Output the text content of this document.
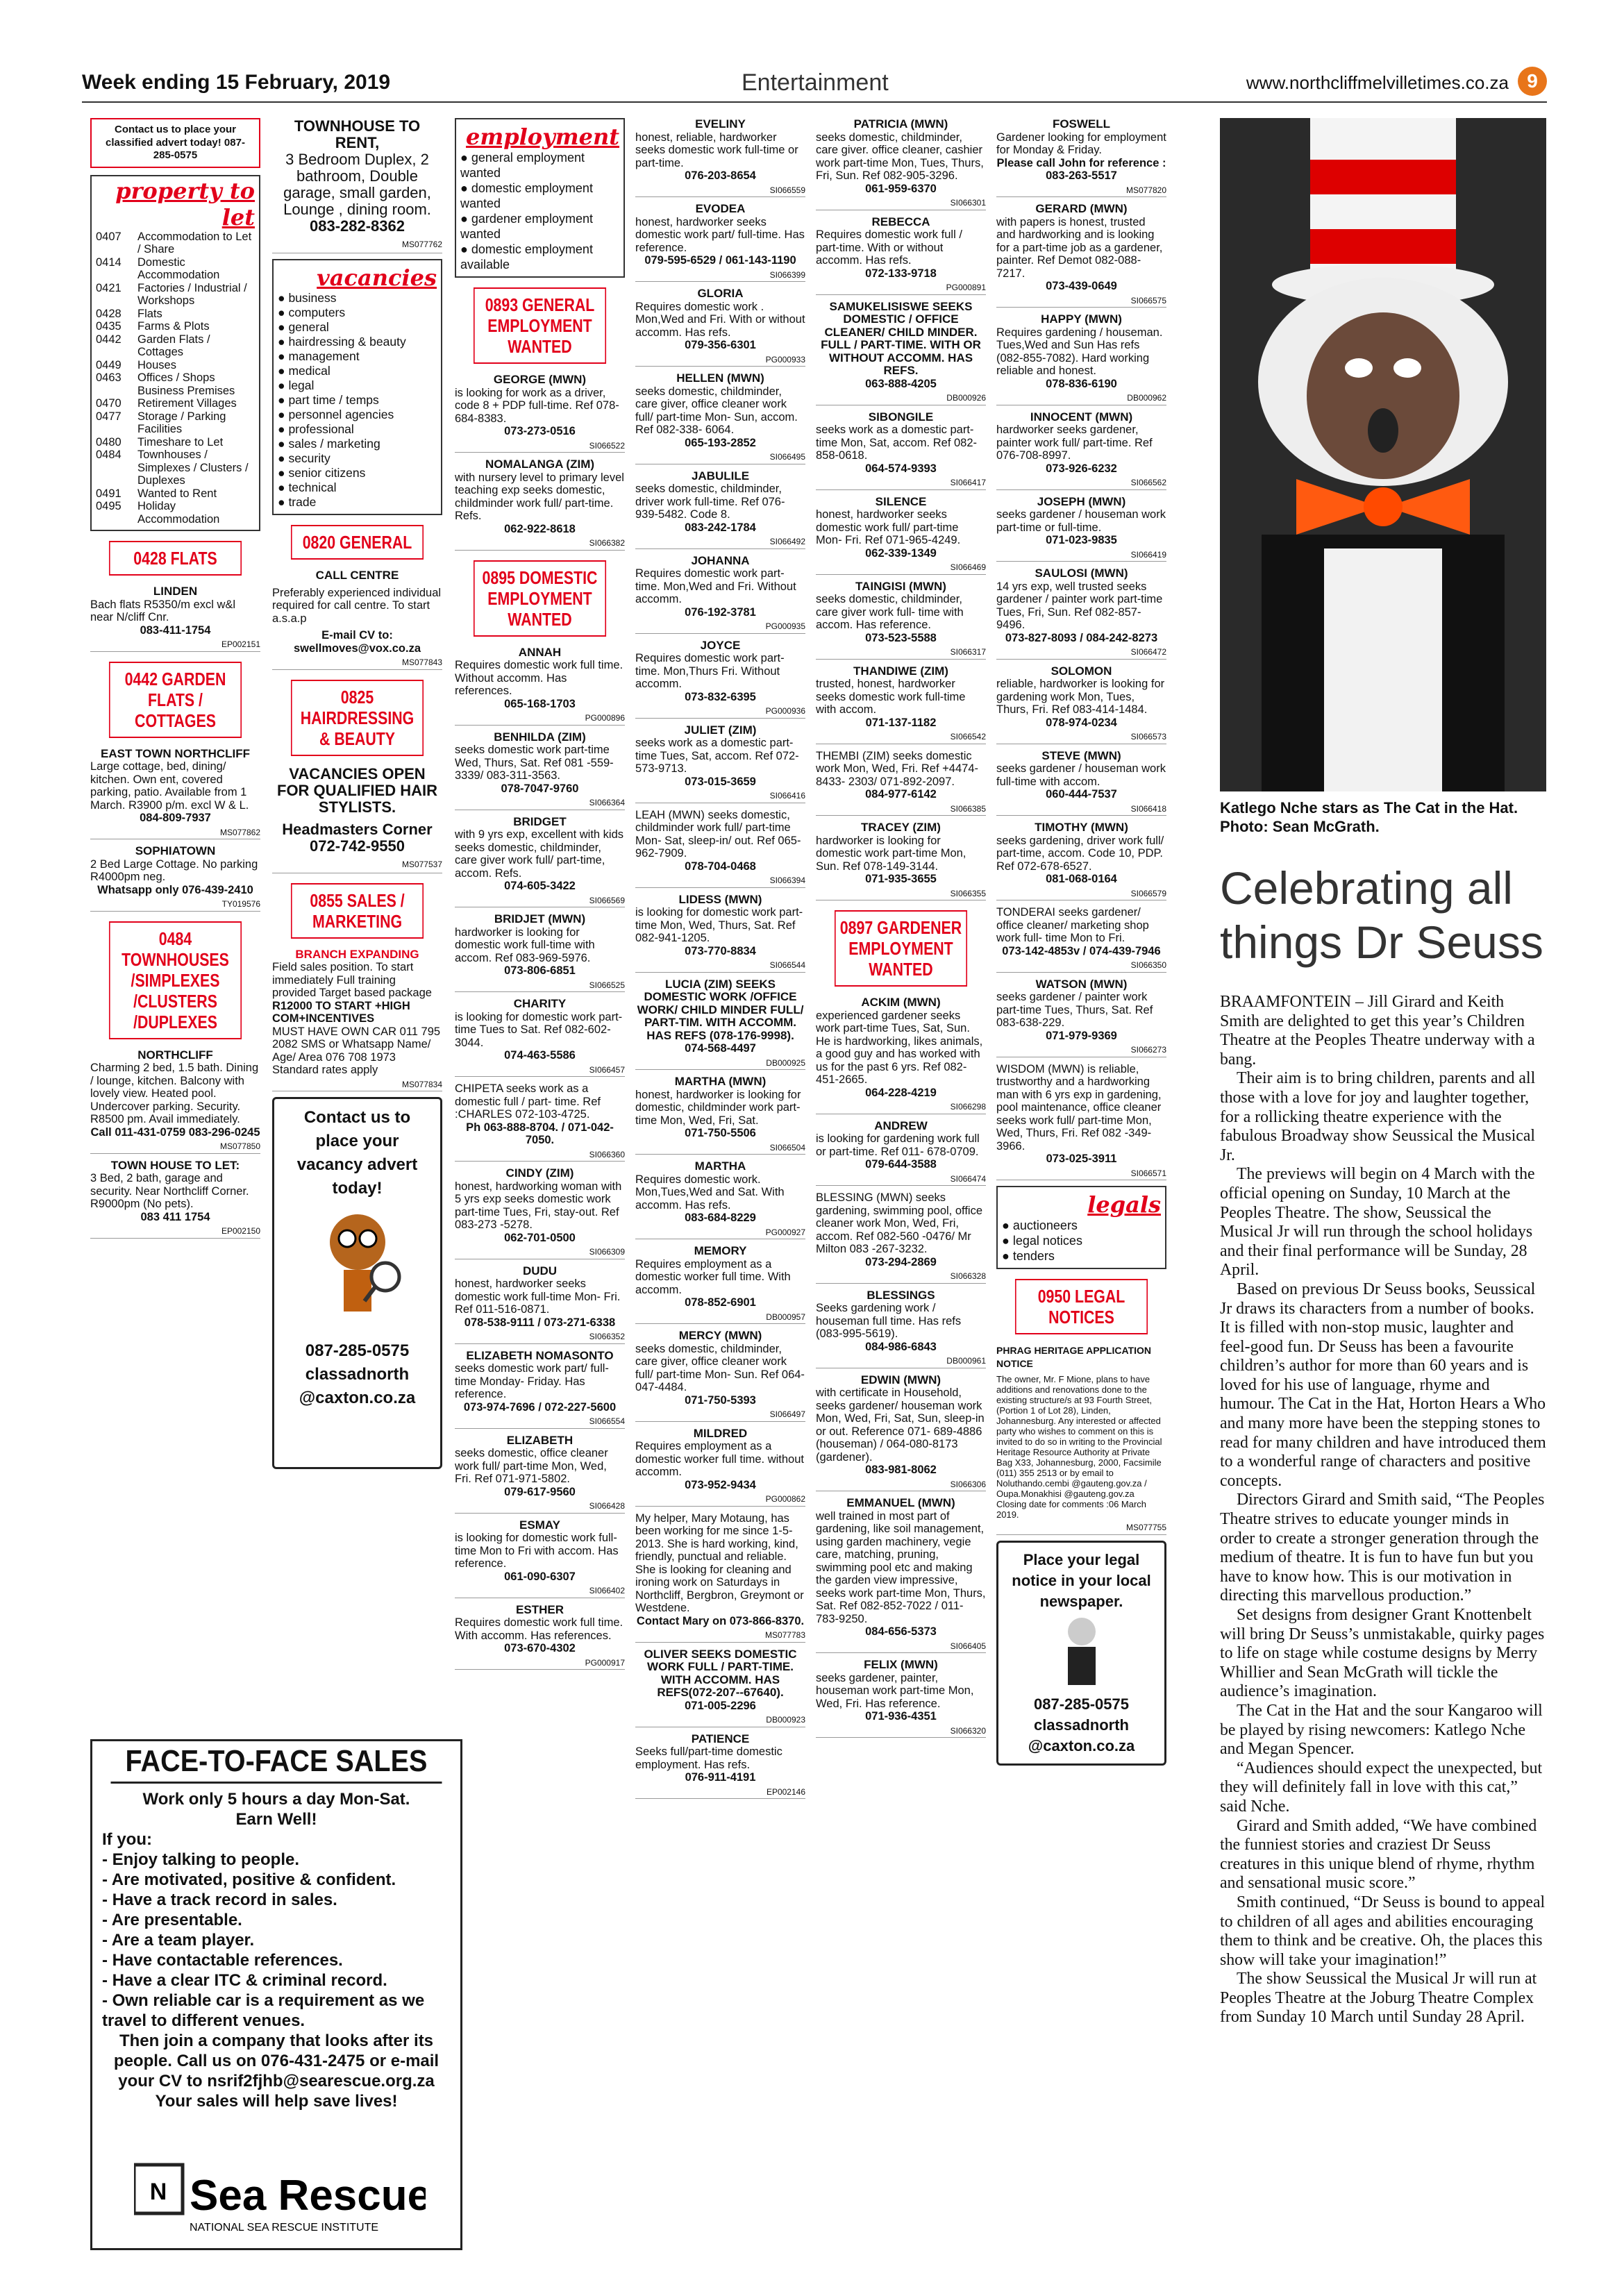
Week ending 15 February, 2019	Entertainment	www.northcliffmelvilletimes.co.za 9
Contact us to place your classified advert today! 087-285-0575
property to let
0407	Accommodation to Let / Share
0414	Domestic Accommodation
0421	Factories / Industrial / Workshops
0428	Flats
0435	Farms & Plots
0442	Garden Flats / Cottages
0449	Houses
0463	Offices / Shops Business Premises
0470	Retirement Villages
0477	Storage / Parking Facilities
0480	Timeshare to Let
0484	Townhouses / Simplexes / Clusters / Duplexes
0491	Wanted to Rent
0495	Holiday Accommodation
0428 FLATS
LINDEN

Bach flats R5350/m excl w&l near N/cliff Cnr.

083-411-1754
EP002151
0442 GARDEN FLATS / COTTAGES
EAST TOWN NORTHCLIFF

Large cottage, bed, dining/ kitchen. Own ent, covered parking, patio. Available from 1 March. R3900 p/m. excl W & L.

084-809-7937
MS077862
SOPHIATOWN

2 Bed Large Cottage. No parking R4000pm neg.

Whatsapp only 076-439-2410
TY019576
0484 TOWNHOUSES /SIMPLEXES /CLUSTERS /DUPLEXES
NORTHCLIFF

Charming 2 bed, 1.5 bath. Dining / lounge, kitchen. Balcony with lovely view. Heated pool. Undercover parking. Security. R8500 pm. Avail immediately.

Call 011-431-0759 083-296-0245
MS077850
TOWN HOUSE TO LET:

3 Bed, 2 bath, garage and security. Near Northcliff Corner. R9000pm (No pets).

083 411 1754
EP002150
TOWNHOUSE TO RENT,

3 Bedroom Duplex, 2 bathroom, Double garage, small garden, Lounge , dining room.

083-282-8362
MS077762
vacancies
● business
● computers
● general
● hairdressing & beauty
● management
● medical
● legal
● part time / temps
● personnel agencies
● professional
● sales / marketing
● security
● senior citizens
● technical
● trade
0820 GENERAL
CALL CENTRE

Preferably experienced individual required for call centre. To start a.s.a.p

E-mail CV to: swellmoves@vox.co.za
MS077843
0825 HAIRDRESSING & BEAUTY
VACANCIES OPEN FOR QUALIFIED HAIR STYLISTS.

Headmasters Corner

072-742-9550
MS077537
0855 SALES / MARKETING
BRANCH EXPANDING

Field sales position. To start immediately Full training provided Target based package

R12000 TO START +HIGH COM+INCENTIVES

MUST HAVE OWN CAR 011 795 2082 SMS or Whatsapp Name/ Age/ Area 076 708 1973 Standard rates apply

MS077834
Contact us to place your vacancy advert today!
087-285-0575
classadnorth
@caxton.co.za
FACE-TO-FACE SALES
Work only 5 hours a day Mon-Sat.
Earn Well!
If you:
- Enjoy talking to people.
- Are motivated, positive & confident.
- Have a track record in sales.
- Are presentable.
- Are a team player.
- Have contactable references.
- Have a clear ITC & criminal record.
- Own reliable car is a requirement as we travel to different venues.
Then join a company that looks after its people. Call us on 076-431-2475 or e-mail your CV to nsrif2fjhb@searescue.org.za
Your sales will help save lives!
N Sea Rescue
NATIONAL SEA RESCUE INSTITUTE
employment
● general employment wanted
● domestic employment wanted
● gardener employment wanted
● domestic employment available
0893 GENERAL EMPLOYMENT WANTED
GEORGE (MWN)

is looking for work as a driver, code 8 + PDP full-time. Ref 078-684-8383.

073-273-0516
SI066522
NOMALANGA (ZIM)

with nursery level to primary level teaching exp seeks domestic, childminder work full/ part-time. Refs.

062-922-8618
SI066382
0895 DOMESTIC EMPLOYMENT WANTED
ANNAH

Requires domestic work full time. Without accomm. Has references.

065-168-1703
PG000896
BENHILDA (ZIM)

seeks domestic work part-time Wed, Thurs, Sat. Ref 081 -559-3339/ 083-311-3563.

078-7047-9760
SI066364
BRIDGET

with 9 yrs exp, excellent with kids seeks domestic, childminder, care giver work full/ part-time, accom. Refs.

074-605-3422
SI066569
BRIDJET (MWN)

hardworker is looking for domestic work full-time with accom. Ref 083-969-5976.

073-806-6851
SI066525
CHARITY

is looking for domestic work part-time Tues to Sat. Ref 082-602-3044.

074-463-5586
SI066457

CHIPETA seeks work as a domestic full / part- time. Ref :CHARLES 072-103-4725.

Ph 063-888-8704. / 071-042-7050.
SI066360
CINDY (ZIM)

honest, hardworking woman with 5 yrs exp seeks domestic work part-time Tues, Fri, stay-out. Ref 083-273 -5278.

062-701-0500
SI066309
DUDU

honest, hardworker seeks domestic work full-time Mon- Fri. Ref 011-516-0871.

078-538-9111 / 073-271-6338
SI066352
ELIZABETH NOMASONTO

seeks domestic work part/ full-time Monday- Friday. Has reference.

073-974-7696 / 072-227-5600
SI066554
ELIZABETH

seeks domestic, office cleaner work full/ part-time Mon, Wed, Fri. Ref 071-971-5802.

079-617-9560
SI066428
ESMAY

is looking for domestic work full-time Mon to Fri with accom. Has reference.

061-090-6307
SI066402
ESTHER

Requires domestic work full time. With accomm. Has references.

073-670-4302
PG000917
EVELINY

honest, reliable, hardworker seeks domestic work full-time or part-time.

076-203-8654
SI066559
EVODEA

honest, hardworker seeks domestic work part/ full-time. Has reference.

079-595-6529 / 061-143-1190
SI066399
GLORIA

Requires domestic work . Mon,Wed and Fri. With or without accomm. Has refs.

079-356-6301
PG000933
HELLEN (MWN)

seeks domestic, childminder, care giver, office cleaner work full/ part-time Mon- Sun, accom. Ref 082-338- 6064.

065-193-2852
SI066495
JABULILE

seeks domestic, childminder, driver work full-time. Ref 076-939-5482. Code 8.

083-242-1784
SI066492
JOHANNA

Requires domestic work part-time. Mon,Wed and Fri. Without accomm.

076-192-3781
PG000935
JOYCE

Requires domestic work part-time. Mon,Thurs Fri. Without accomm.

073-832-6395
PG000936
JULIET (ZIM)

seeks work as a domestic part-time Tues, Sat, accom. Ref 072-573-9713.

073-015-3659
SI066416

LEAH (MWN) seeks domestic, childminder work full/ part-time Mon- Sat, sleep-in/ out. Ref 065-962-7909.

078-704-0468
SI066394
LIDESS (MWN)

is looking for domestic work part-time Mon, Wed, Thurs, Sat. Ref 082-941-1205.

073-770-8834
SI066544
LUCIA (ZIM) SEEKS DOMESTIC WORK /OFFICE WORK/ CHILD MINDER FULL/ PART-TIM. WITH ACCOMM. HAS REFS (078-176-9998).
074-568-4497
DB000925
MARTHA (MWN)

honest, hardworker is looking for domestic, childminder work part-time Mon, Wed, Fri, Sat.

071-750-5506
SI066504
MARTHA

Requires domestic work. Mon,Tues,Wed and Sat. With accomm. Has refs.

083-684-8229
PG000927
MEMORY

Requires employment as a domestic worker full time. With accomm.

078-852-6901
DB000957
MERCY (MWN)

seeks domestic, childminder, care giver, office cleaner work full/ part-time Mon- Sun. Ref 064-047-4484.

071-750-5393
SI066497
MILDRED

Requires employment as a domestic worker full time. without accomm.

073-952-9434
PG000862

My helper, Mary Motaung, has been working for me since 1-5-2013. She is hard working, kind, friendly, punctual and reliable. She is looking for cleaning and ironing work on Saturdays in Northcliff, Bergbron, Greymont or Westdene.

Contact Mary on 073-866-8370.
MS077783
OLIVER SEEKS DOMESTIC WORK FULL / PART-TIME. WITH ACCOMM. HAS REFS(072-207--67640).
071-005-2296
DB000923
PATIENCE

Seeks full/part-time domestic employment. Has refs.

076-911-4191
EP002146
PATRICIA (MWN)

seeks domestic, childminder, care giver. office cleaner, cashier work part-time Mon, Tues, Thurs, Fri, Sun. Ref 082-905-3296.

061-959-6370
SI066301
REBECCA

Requires domestic work full / part-time. With or without accomm. Has refs.

072-133-9718
PG000891
SAMUKELISISWE SEEKS DOMESTIC / OFFICE CLEANER/ CHILD MINDER. FULL / PART-TIME. WITH OR WITHOUT ACCOMM. HAS REFS.
063-888-4205
DB000926
SIBONGILE

seeks work as a domestic part-time Mon, Sat, accom. Ref 082-858-0618.

064-574-9393
SI066417
SILENCE

honest, hardworker seeks domestic work full/ part-time Mon- Fri. Ref 071-965-4249.

062-339-1349
SI066469
TAINGISI (MWN)

seeks domestic, childminder, care giver work full- time with accom. Has reference.

073-523-5588
SI066317
THANDIWE (ZIM)

trusted, honest, hardworker seeks domestic work full-time with accom.

071-137-1182
SI066542

THEMBI (ZIM) seeks domestic work Mon, Wed, Fri. Ref +4474-8433- 2303/ 071-892-2097.

084-977-6142
SI066385
TRACEY (ZIM)

hardworker is looking for domestic work part-time Mon, Sun. Ref 078-149-3144.

071-935-3655
SI066355
0897 GARDENER EMPLOYMENT WANTED
ACKIM (MWN)

experienced gardener seeks work part-time Tues, Sat, Sun. He is hardworking, likes animals, a good guy and has worked with us for the past 6 yrs. Ref 082-451-2665.

064-228-4219
SI066298
ANDREW

is looking for gardening work full or part-time. Ref 011- 678-0709.

079-644-3588
SI066474

BLESSING (MWN) seeks gardening, swimming pool, office cleaner work Mon, Wed, Fri, accom. Ref 082-560 -0476/ Mr Milton 083 -267-3232.

073-294-2869
SI066328
BLESSINGS

Seeks gardening work / houseman full time. Has refs (083-995-5619).

084-986-6843
DB000961
EDWIN (MWN)

with certificate in Household, seeks gardener/ houseman work Mon, Wed, Fri, Sat, Sun, sleep-in or out. Reference 071- 689-4886 (houseman) / 064-080-8173 (gardener).

083-981-8062
SI066306
EMMANUEL (MWN)

well trained in most part of gardening, like soil management, using garden machinery, vegie care, matching, pruning, swimming pool etc and making the garden view impressive, seeks work part-time Mon, Thurs, Sat. Ref 082-852-7022 / 011-783-9250.

084-656-5373
SI066405
FELIX (MWN)

seeks gardener, painter, houseman work part-time Mon, Wed, Fri. Has reference.

071-936-4351
SI066320
FOSWELL

Gardener looking for employment for Monday & Friday.

Please call John for reference : 083-263-5517
MS077820
GERARD (MWN)

with papers is honest, trusted and hardworking and is looking for a part-time job as a gardener, painter. Ref Demot 082-088-7217.

073-439-0649
SI066575
HAPPY (MWN)

Requires gardening / houseman. Tues,Wed and Sun Has refs (082-855-7082). Hard working reliable and honest.

078-836-6190
DB000962
INNOCENT (MWN)

hardworker seeks gardener, painter work full/ part-time. Ref 076-708-8997.

073-926-6232
SI066562
JOSEPH (MWN)

seeks gardener / houseman work part-time or full-time.

071-023-9835
SI066419
SAULOSI (MWN)

14 yrs exp, well trusted seeks gardener / painter work part-time Tues, Fri, Sun. Ref 082-857-9496.

073-827-8093 / 084-242-8273
SI066472
SOLOMON

reliable, hardworker is looking for gardening work Mon, Tues, Thurs, Fri. Ref 083-414-1484.

078-974-0234
SI066573
STEVE (MWN)

seeks gardener / houseman work full-time with accom.

060-444-7537
SI066418
TIMOTHY (MWN)

seeks gardening, driver work full/ part-time, accom. Code 10, PDP. Ref 072-678-6527.

081-068-0164
SI066579

TONDERAI seeks gardener/ office cleaner/ marketing shop work full- time Mon to Fri.

073-142-4853v / 074-439-7946
SI066350
WATSON (MWN)

seeks gardener / painter work part-time Tues, Thurs, Sat. Ref 083-638-229.

071-979-9369
SI066273

WISDOM (MWN) is reliable, trustworthy and a hardworking man with 6 yrs exp in gardening, pool maintenance, office cleaner seeks work full/ part-time Mon, Wed, Thurs, Fri. Ref 082 -349-3966.

073-025-3911
SI066571
legals
● auctioneers
● legal notices
● tenders
0950 LEGAL NOTICES
PHRAG HERITAGE APPLICATION NOTICE

The owner, Mr. F Mione, plans to have additions and renovations done to the existing structure/s at 93 Fourth Street, (Portion 1 of Lot 28), Linden, Johannesburg. Any interested or affected party who wishes to comment on this is invited to do so in writing to the Provincial Heritage Resource Authority at Private Bag X33, Johannesburg, 2000, Facsimile (011) 355 2513 or by email to Noluthando.cembi @gauteng.gov.za / Oupa.Monakhisi @gauteng.gov.za Closing date for comments :06 March 2019.

MS077755
Place your legal notice in your local newspaper.
087-285-0575
classadnorth
@caxton.co.za
Katlego Nche stars as The Cat in the Hat. Photo: Sean McGrath.
Celebrating all things Dr Seuss

BRAAMFONTEIN – Jill Girard and Keith Smith are delighted to get this year’s Children Theatre at the Peoples Theatre underway with a bang.

Their aim is to bring children, parents and all those with a love for joy and laughter together, for a rollicking theatre experience with the fabulous Broadway show Seussical the Musical Jr.

The previews will begin on 4 March with the official opening on Sunday, 10 March at the Peoples Theatre. The show, Seussical the Musical Jr will run through the school holidays and their final performance will be Sunday, 28 April.

Based on previous Dr Seuss books, Seussical Jr draws its characters from a number of books. It is filled with non-stop music, laughter and feel-good fun. Dr Seuss has been a favourite children’s author for more than 60 years and is loved for his use of language, rhyme and humour. The Cat in the Hat, Horton Hears a Who and many more have been the stepping stones to read for many children and have introduced them to a wonderful range of characters and positive concepts.

Directors Girard and Smith said, “The Peoples Theatre strives to educate younger minds in order to create a stronger generation through the medium of theatre. It is fun to have fun but you have to know how. This is our motivation in directing this marvellous production.”

Set designs from designer Grant Knottenbelt will bring Dr Seuss’s unmistakable, quirky pages to life on stage while costume designs by Merry Whillier and Sean McGrath will tickle the audience’s imagination.

The Cat in the Hat and the sour Kangaroo will be played by rising newcomers: Katlego Nche and Megan Spencer.

“Audiences should expect the unexpected, but they will definitely fall in love with this cat,” said Nche.

Girard and Smith added, “We have combined the funniest stories and craziest Dr Seuss creatures in this unique blend of rhyme, rhythm and sensational music score.”

Smith continued, “Dr Seuss is bound to appeal to children of all ages and abilities encouraging them to think and be creative. Oh, the places this show will take your imagination!”

The show Seussical the Musical Jr will run at Peoples Theatre at the Joburg Theatre Complex from Sunday 10 March until Sunday 28 April.
